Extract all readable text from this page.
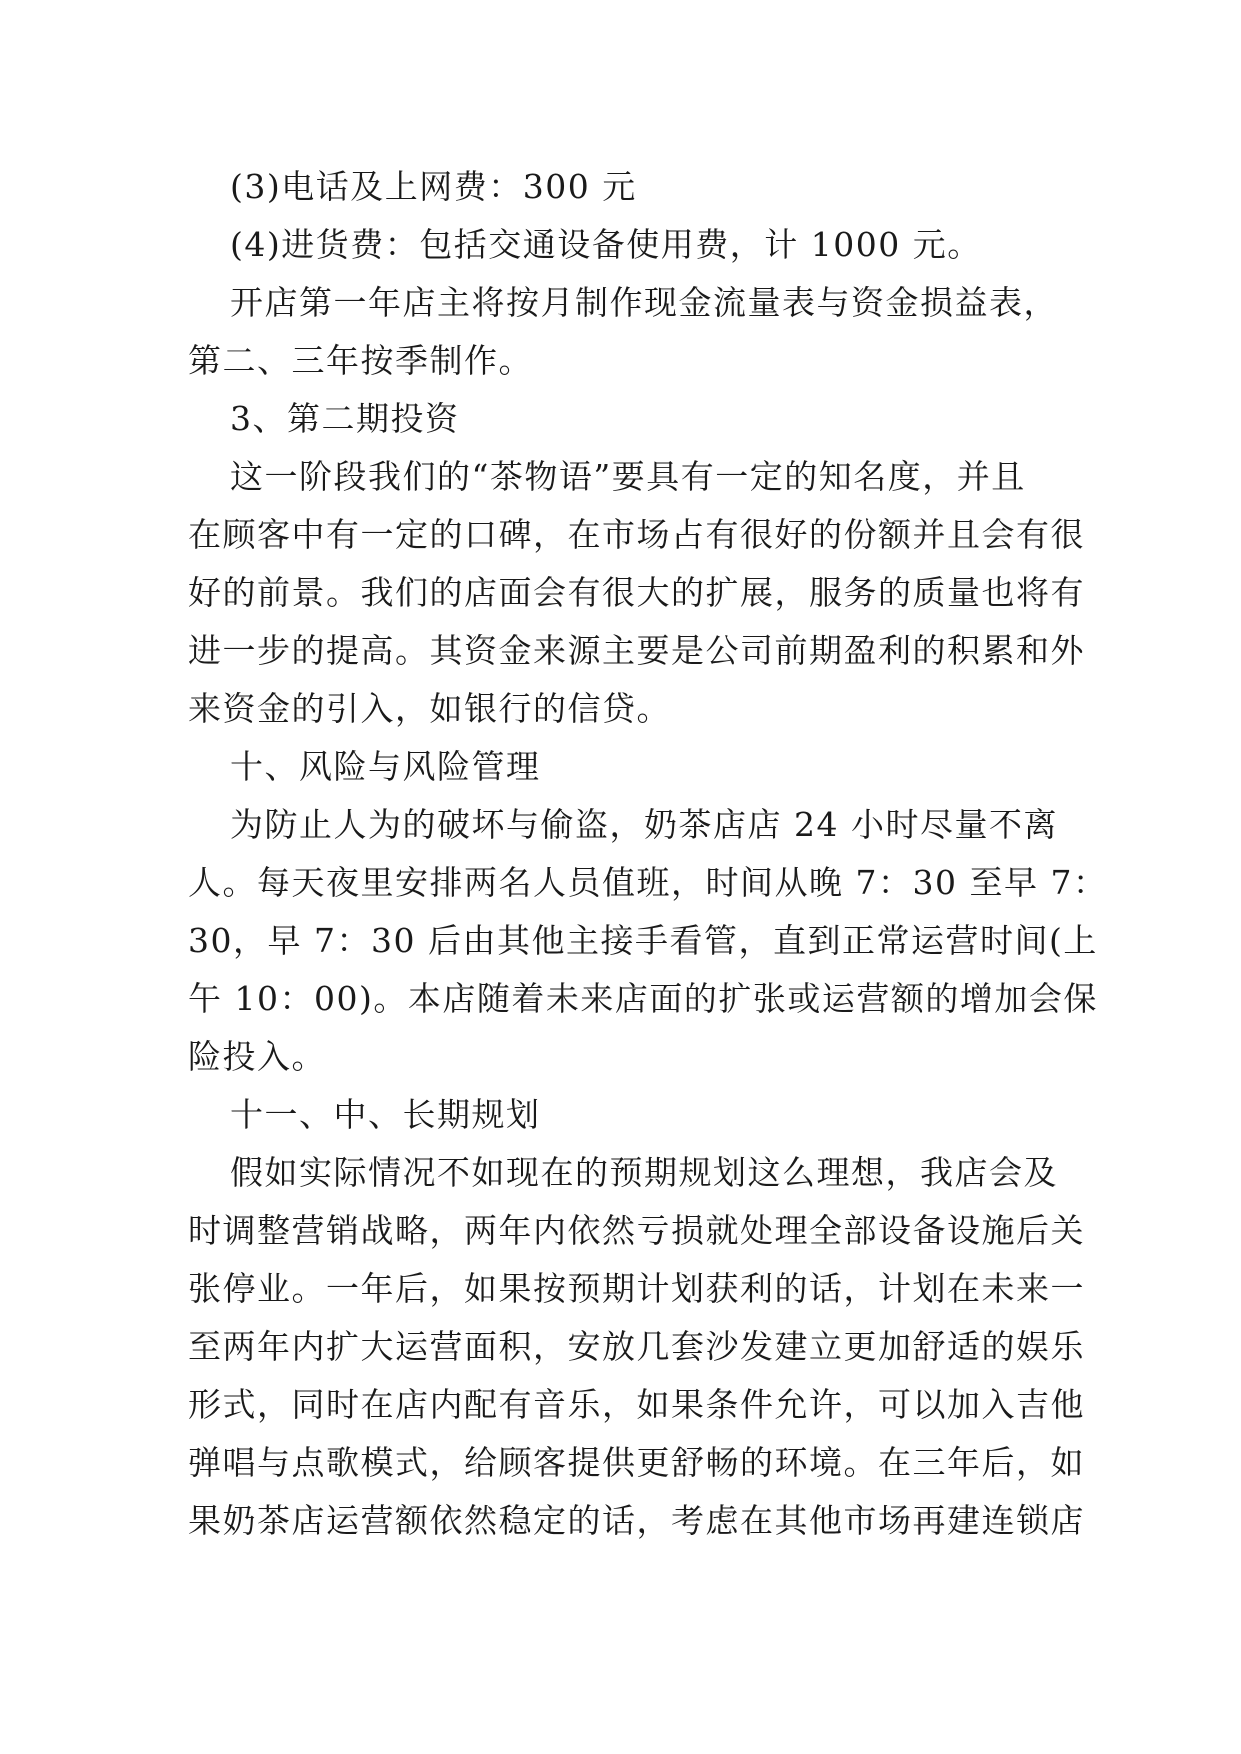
(3)电话及上网费：300 元
(4)进货费：包括交通设备使用费，计 1000 元。
开店第一年店主将按月制作现金流量表与资金损益表，
第二、三年按季制作。
3、第二期投资
这一阶段我们的“茶物语”要具有一定的知名度，并且
在顾客中有一定的口碑，在市场占有很好的份额并且会有很
好的前景。我们的店面会有很大的扩展，服务的质量也将有
进一步的提高。其资金来源主要是公司前期盈利的积累和外
来资金的引入，如银行的信贷。
十、风险与风险管理
为防止人为的破坏与偷盗，奶茶店店 24 小时尽量不离
人。每天夜里安排两名人员值班，时间从晚 7：30 至早 7：
30，早 7：30 后由其他主接手看管，直到正常运营时间(上
午 10：00)。本店随着未来店面的扩张或运营额的增加会保
险投入。
十一、中、长期规划
假如实际情况不如现在的预期规划这么理想，我店会及
时调整营销战略，两年内依然亏损就处理全部设备设施后关
张停业。一年后，如果按预期计划获利的话，计划在未来一
至两年内扩大运营面积，安放几套沙发建立更加舒适的娱乐
形式，同时在店内配有音乐，如果条件允许，可以加入吉他
弹唱与点歌模式，给顾客提供更舒畅的环境。在三年后，如
果奶茶店运营额依然稳定的话，考虑在其他市场再建连锁店
